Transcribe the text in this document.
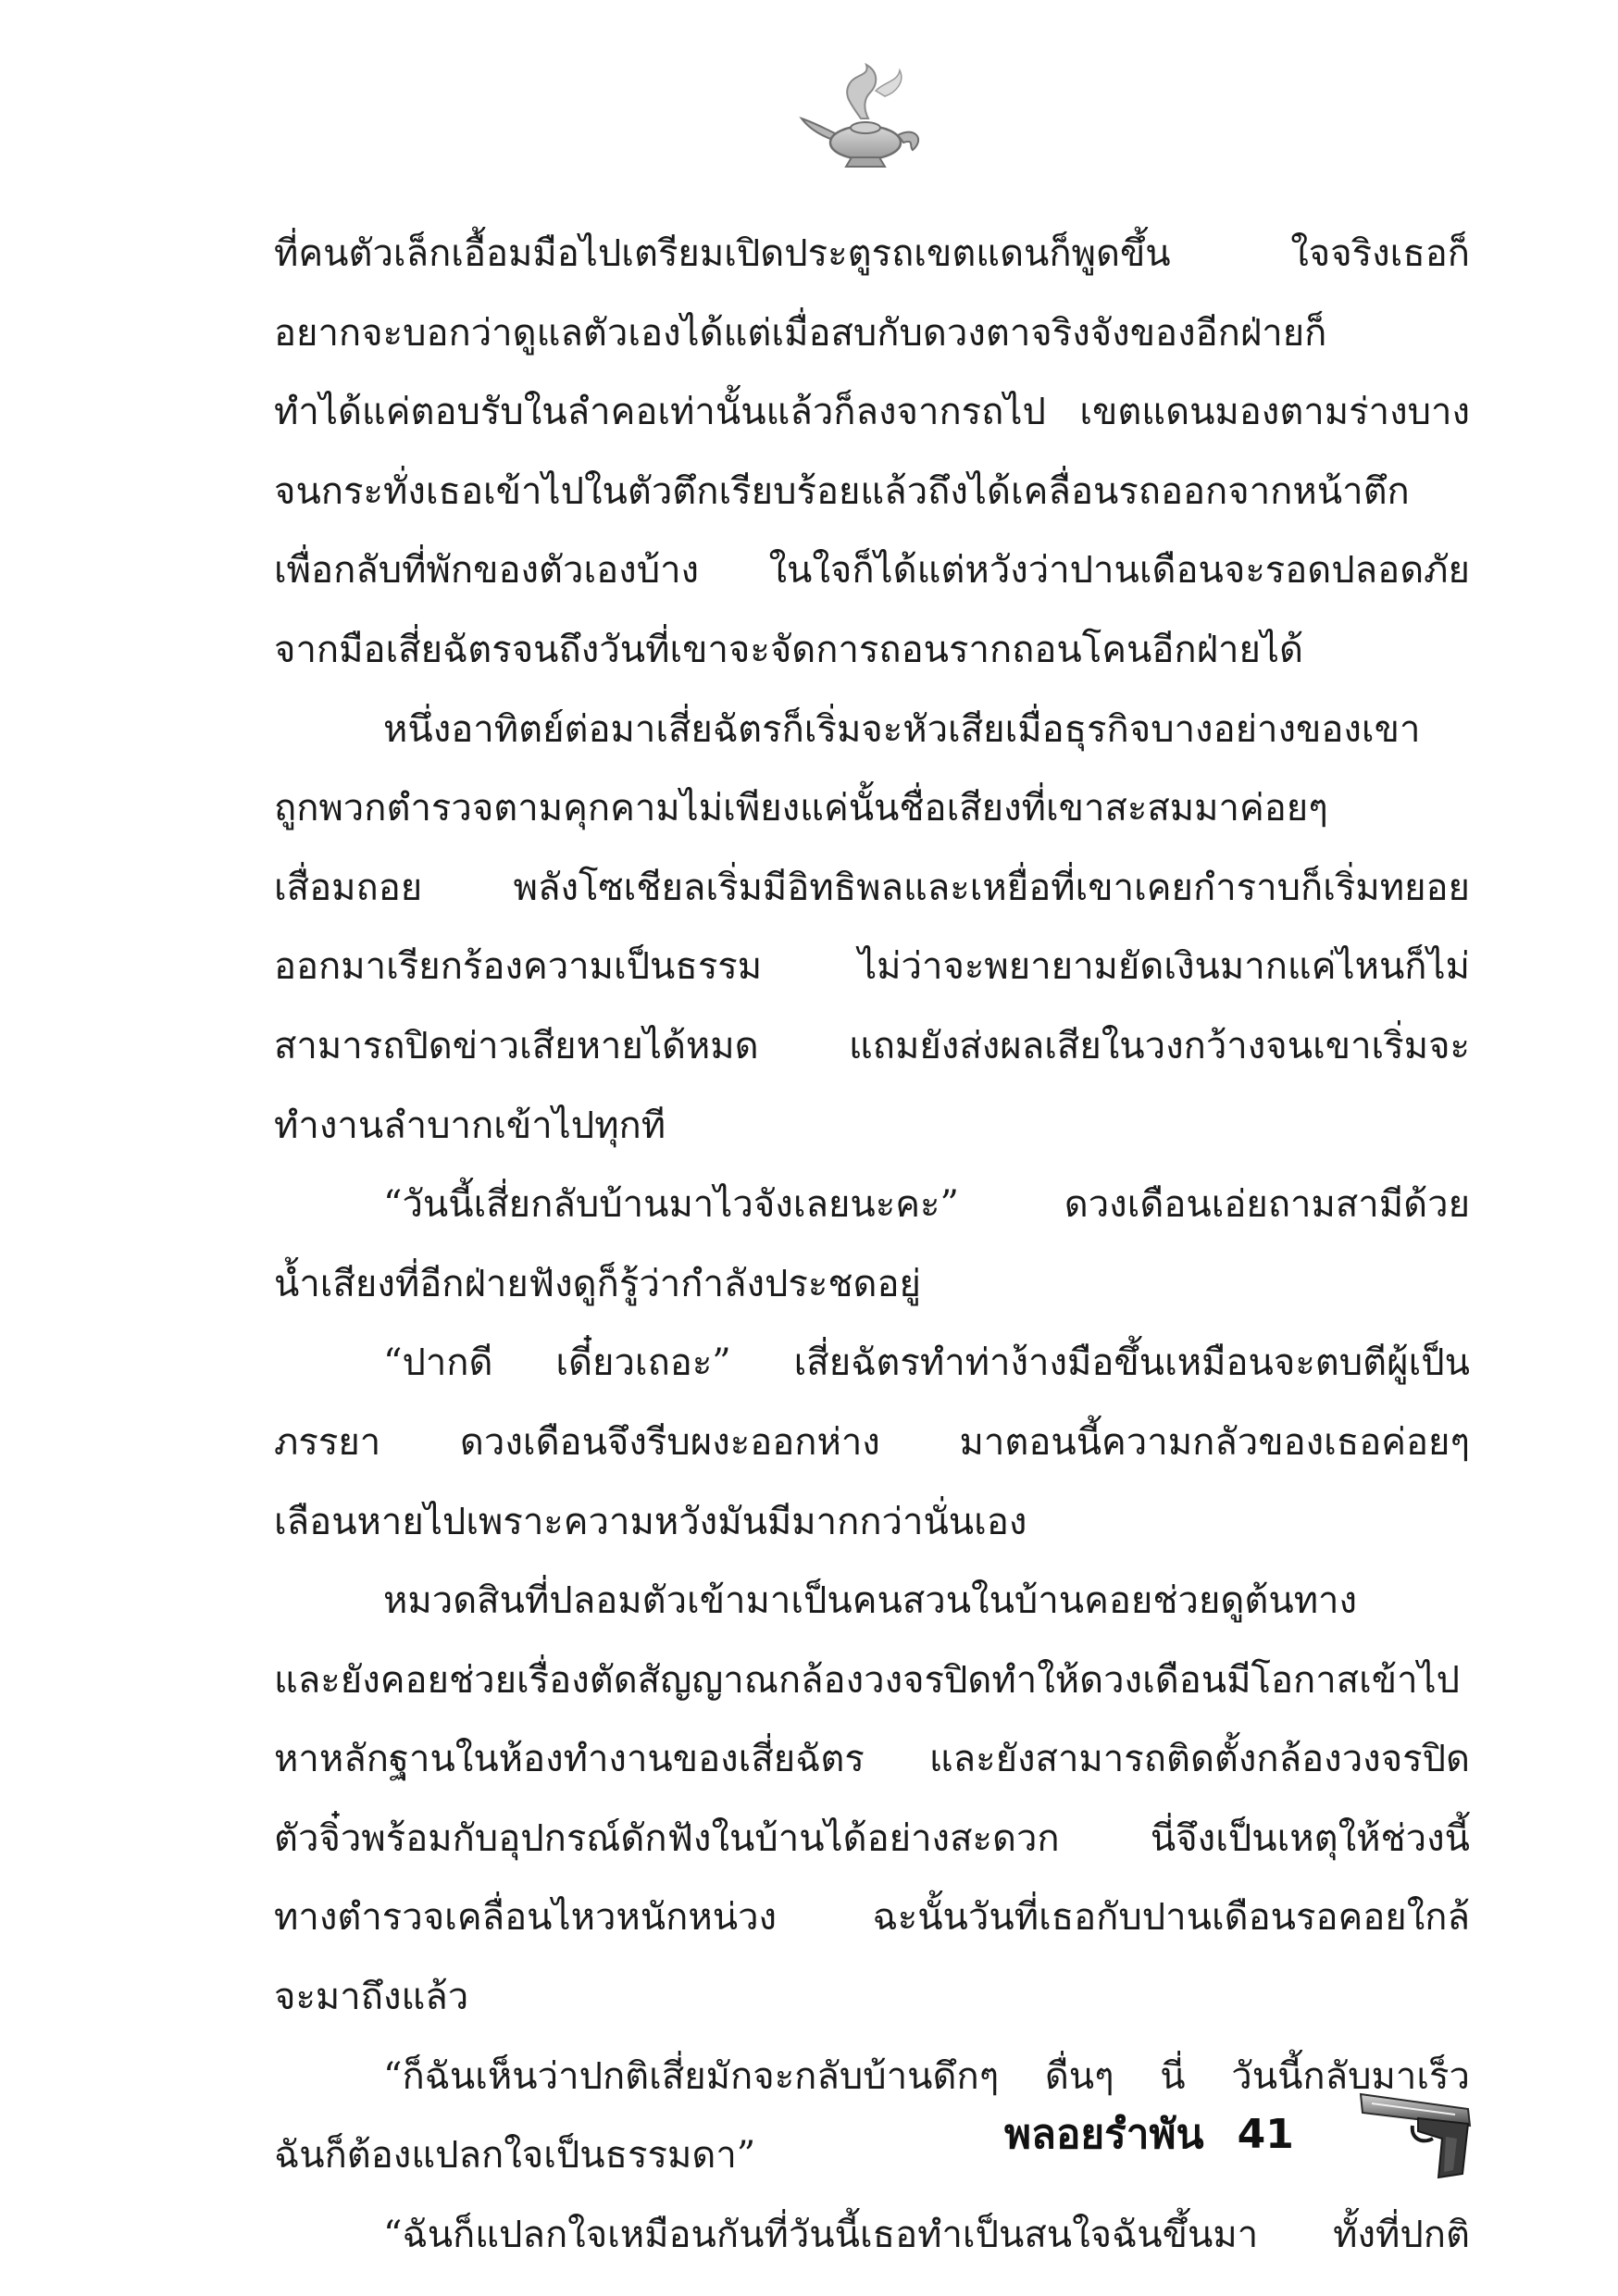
ที่คนตัวเล็กเอื้อมมือไปเตรียมเปิดประตูรถเขตแดนก็พูดขึ้น	ใจจริงเธอก็
อยากจะบอกว่าดูแลตัวเองได้แต่เมื่อสบกับดวงตาจริงจังของอีกฝ่ายก็
ทำได้แค่ตอบรับในลำคอเท่านั้นแล้วก็ลงจากรถไป เขตแดนมองตามร่างบาง
จนกระทั่งเธอเข้าไปในตัวตึกเรียบร้อยแล้วถึงได้เคลื่อนรถออกจากหน้าตึก
เพื่อกลับที่พักของตัวเองบ้าง ในใจก็ได้แต่หวังว่าปานเดือนจะรอดปลอดภัย
จากมือเสี่ยฉัตรจนถึงวันที่เขาจะจัดการถอนรากถอนโคนอีกฝ่ายได้
หนึ่งอาทิตย์ต่อมาเสี่ยฉัตรก็เริ่มจะหัวเสียเมื่อธุรกิจบางอย่างของเขา
ถูกพวกตำรวจตามคุกคามไม่เพียงแค่นั้นชื่อเสียงที่เขาสะสมมาค่อยๆ
เสื่อมถอย พลังโซเชียลเริ่มมีอิทธิพลและเหยื่อที่เขาเคยกำราบก็เริ่มทยอย
ออกมาเรียกร้องความเป็นธรรม	ไม่ว่าจะพยายามยัดเงินมากแค่ไหนก็ไม่
สามารถปิดข่าวเสียหายได้หมด แถมยังส่งผลเสียในวงกว้างจนเขาเริ่มจะ
ทำงานลำบากเข้าไปทุกที
“วันนี้เสี่ยกลับบ้านมาไวจังเลยนะคะ”	ดวงเดือนเอ่ยถามสามีด้วย
น้ำเสียงที่อีกฝ่ายฟังดูก็รู้ว่ากำลังประชดอยู่
“ปากดี เดี๋ยวเถอะ” เสี่ยฉัตรทำท่าง้างมือขึ้นเหมือนจะตบตีผู้เป็น
ภรรยา ดวงเดือนจึงรีบผงะออกห่าง มาตอนนี้ความกลัวของเธอค่อยๆ
เลือนหายไปเพราะความหวังมันมีมากกว่านั่นเอง
หมวดสินที่ปลอมตัวเข้ามาเป็นคนสวนในบ้านคอยช่วยดูต้นทาง
และยังคอยช่วยเรื่องตัดสัญญาณกล้องวงจรปิดทำให้ดวงเดือนมีโอกาสเข้าไป
หาหลักฐานในห้องทำงานของเสี่ยฉัตร และยังสามารถติดตั้งกล้องวงจรปิด
ตัวจิ๋วพร้อมกับอุปกรณ์ดักฟังในบ้านได้อย่างสะดวก นี่จึงเป็นเหตุให้ช่วงนี้
ทางตำรวจเคลื่อนไหวหนักหน่วง	ฉะนั้นวันที่เธอกับปานเดือนรอคอยใกล้
จะมาถึงแล้ว
“ก็ฉันเห็นว่าปกติเสี่ยมักจะกลับบ้านดึกๆ ดื่นๆ นี่ วันนี้กลับมาเร็ว
ฉันก็ต้องแปลกใจเป็นธรรมดา”
“ฉันก็แปลกใจเหมือนกันที่วันนี้เธอทำเป็นสนใจฉันขึ้นมา ทั้งที่ปกติ
พลอยรำพัน 41
